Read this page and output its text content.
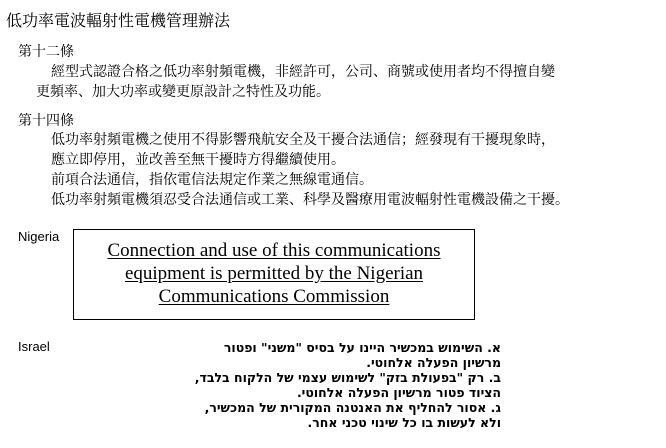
低功率電波輻射性電機管理辦法
第十二條
經型式認證合格之低功率射頻電機，非經許可，公司、商號或使用者均不得擅自變
更頻率、加大功率或變更原設計之特性及功能。
第十四條
低功率射頻電機之使用不得影響飛航安全及干擾合法通信；經發現有干擾現象時，
應立即停用，並改善至無干擾時方得繼續使用。
前項合法通信，指依電信法規定作業之無線電通信。
低功率射頻電機須忍受合法通信或工業、科學及醫療用電波輻射性電機設備之干擾。
Nigeria
Connection and use of this communications
equipment is permitted by the Nigerian
Communications Commission
Israel	א. השימוש במכשיר היינו על בסיס "משני" ופטור
מרשיון הפעלה אלחוטי.
ב. רק "בפעולת בזק" לשימוש עצמי של הלקוח בלבד,
הציוד פטור מרשיון הפעלה אלחוטי.
ג. אסור להחליף את האנטנה המקורית של המכשיר,
ולא לעשות בו כל שינוי טכני אחר.
